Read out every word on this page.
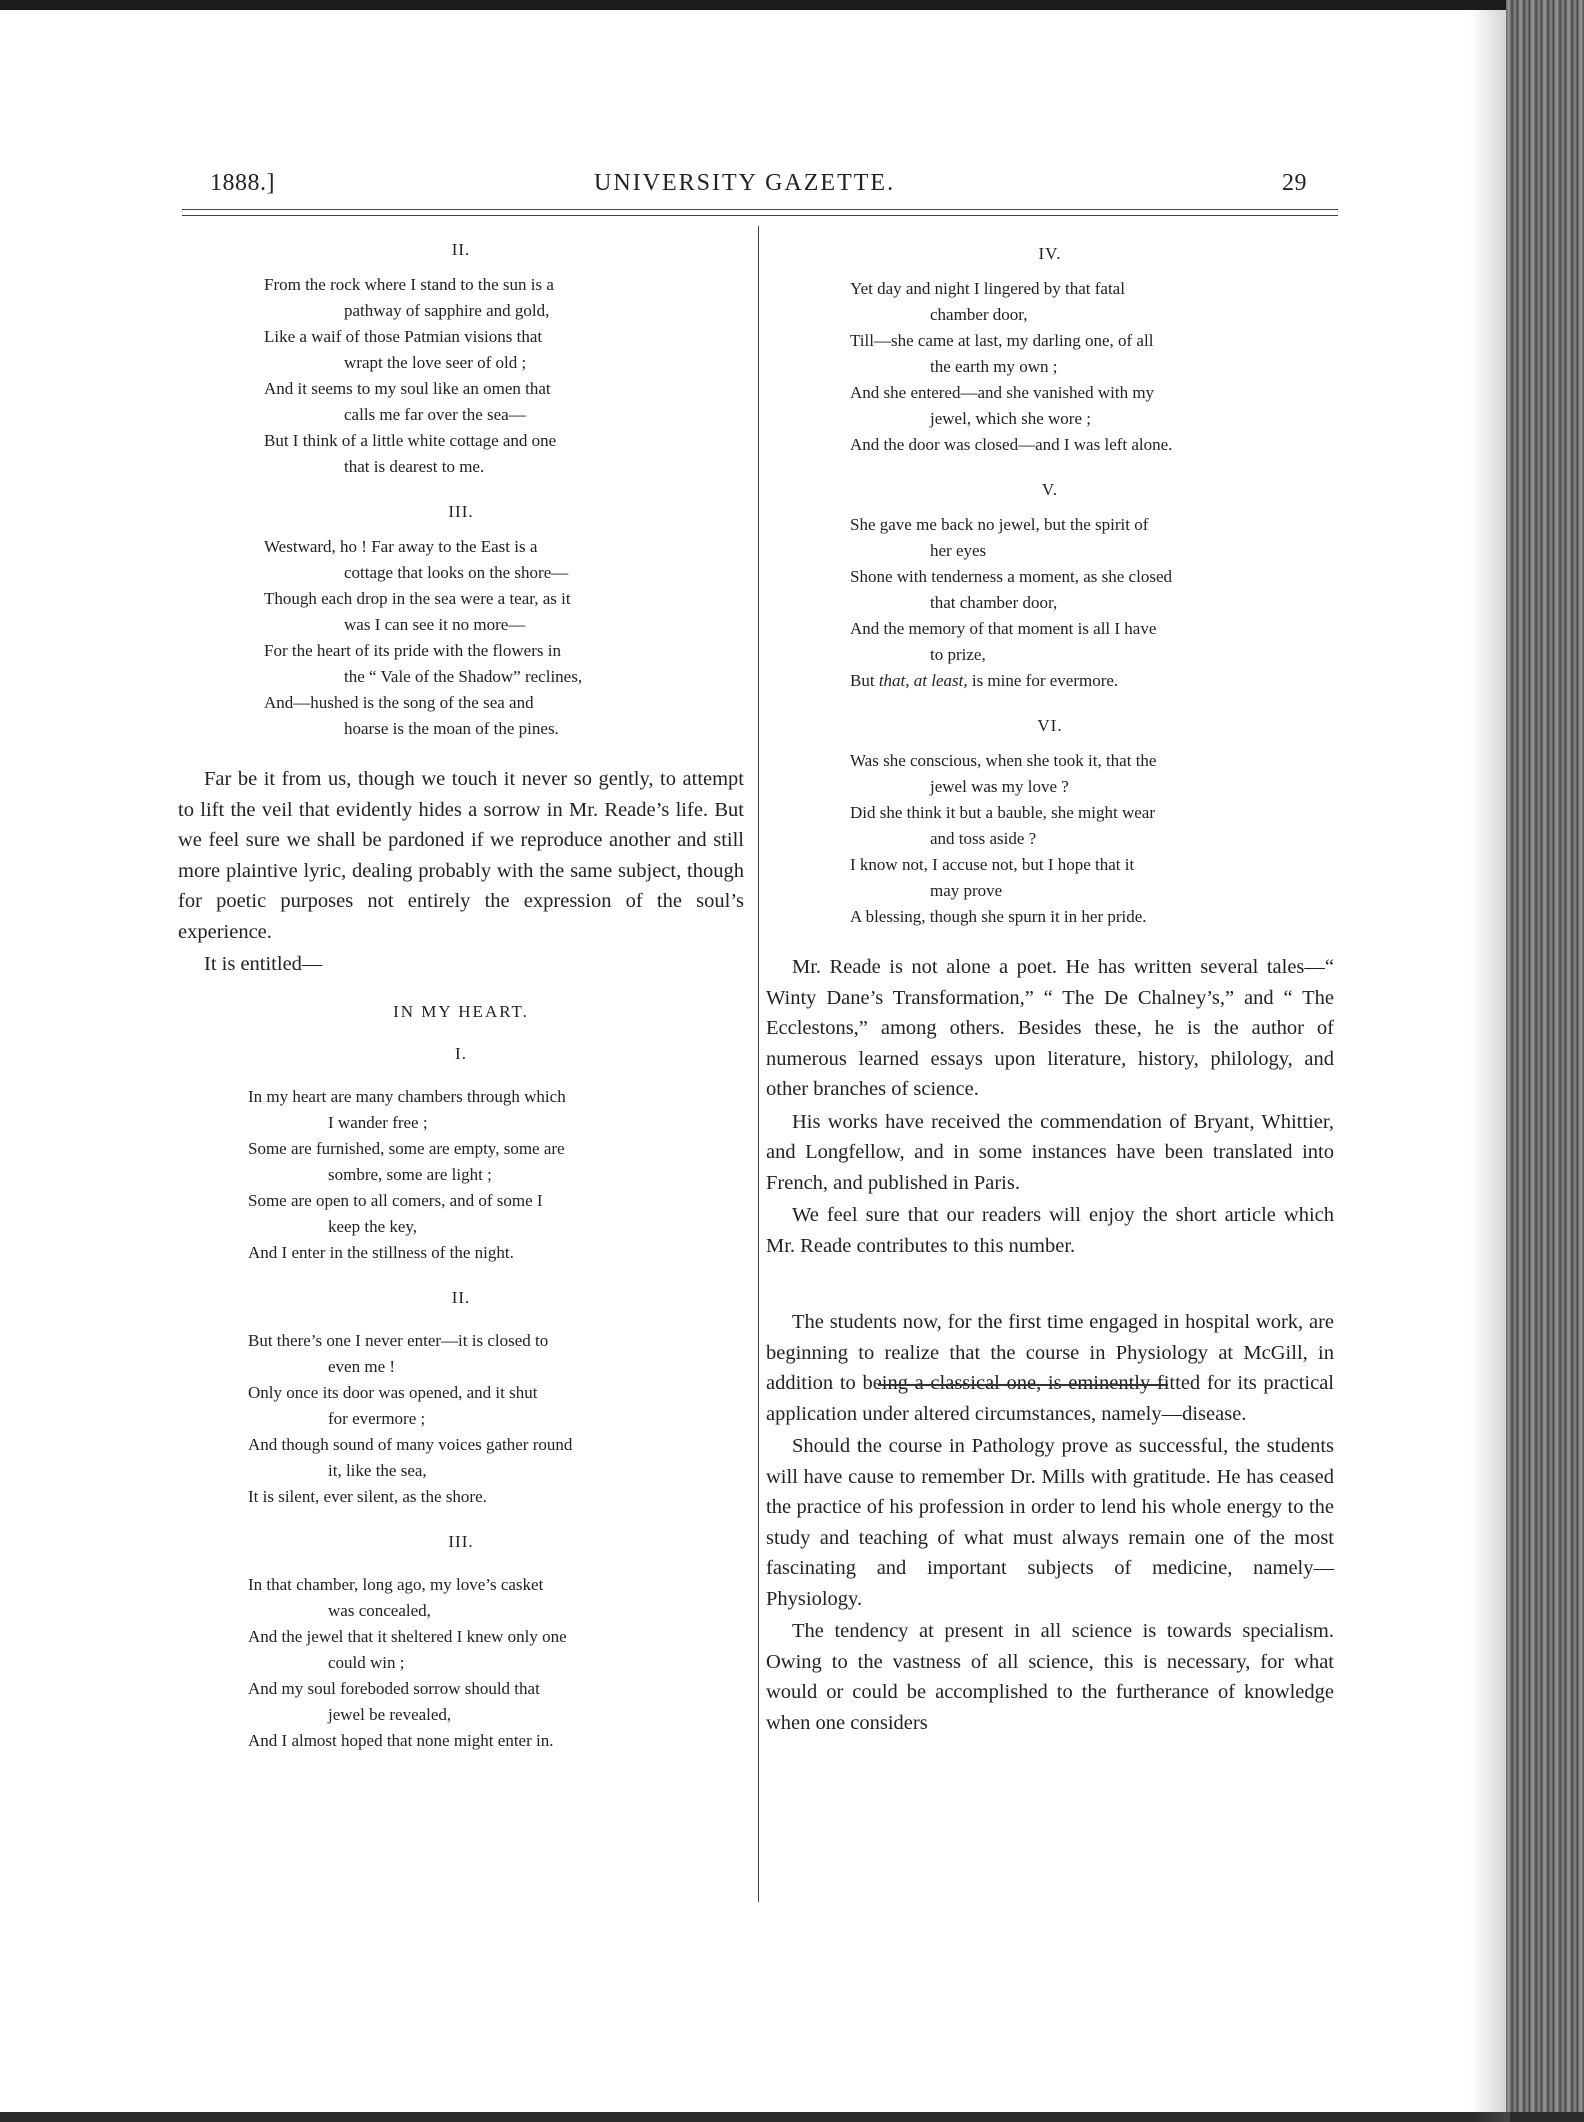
1888.]	UNIVERSITY GAZETTE.	29
II.
From the rock where I stand to the sun is a
pathway of sapphire and gold,
Like a waif of those Patmian visions that
wrapt the love seer of old ;
And it seems to my soul like an omen that
calls me far over the sea—
But I think of a little white cottage and one
that is dearest to me.
III.
Westward, ho ! Far away to the East is a
cottage that looks on the shore—
Though each drop in the sea were a tear, as it
was I can see it no more—
For the heart of its pride with the flowers in
the “ Vale of the Shadow” reclines,
And—hushed is the song of the sea and
hoarse is the moan of the pines.

Far be it from us, though we touch it never so gently, to attempt to lift the veil that evidently hides a sorrow in Mr. Reade’s life. But we feel sure we shall be pardoned if we reproduce another and still more plaintive lyric, dealing probably with the same subject, though for poetic purposes not entirely the expression of the soul’s experience.

It is entitled—

IN MY HEART.
I.
In my heart are many chambers through which
I wander free ;
Some are furnished, some are empty, some are
sombre, some are light ;
Some are open to all comers, and of some I
keep the key,
And I enter in the stillness of the night.
II.
But there’s one I never enter—it is closed to
even me !
Only once its door was opened, and it shut
for evermore ;
And though sound of many voices gather round
it, like the sea,
It is silent, ever silent, as the shore.
III.
In that chamber, long ago, my love’s casket
was concealed,
And the jewel that it sheltered I knew only one
could win ;
And my soul foreboded sorrow should that
jewel be revealed,
And I almost hoped that none might enter in.
IV.
Yet day and night I lingered by that fatal
chamber door,
Till—she came at last, my darling one, of all
the earth my own ;
And she entered—and she vanished with my
jewel, which she wore ;
And the door was closed—and I was left alone.
V.
She gave me back no jewel, but the spirit of
her eyes
Shone with tenderness a moment, as she closed
that chamber door,
And the memory of that moment is all I have
to prize,
But that, at least, is mine for evermore.
VI.
Was she conscious, when she took it, that the
jewel was my love ?
Did she think it but a bauble, she might wear
and toss aside ?
I know not, I accuse not, but I hope that it
may prove
A blessing, though she spurn it in her pride.

Mr. Reade is not alone a poet. He has written several tales—“ Winty Dane’s Transformation,” “ The De Chalney’s,” and “ The Ecclestons,” among others. Besides these, he is the author of numerous learned essays upon literature, history, philology, and other branches of science.

His works have received the commendation of Bryant, Whittier, and Longfellow, and in some instances have been translated into French, and published in Paris.

We feel sure that our readers will enjoy the short article which Mr. Reade contributes to this number.

The students now, for the first time engaged in hospital work, are beginning to realize that the course in Physiology at McGill, in addition to being a classical one, is eminently fitted for its practical application under altered circumstances, namely—disease.

Should the course in Pathology prove as successful, the students will have cause to remember Dr. Mills with gratitude. He has ceased the practice of his profession in order to lend his whole energy to the study and teaching of what must always remain one of the most fascinating and important subjects of medicine, namely—Physiology.

The tendency at present in all science is towards specialism. Owing to the vastness of all science, this is necessary, for what would or could be accomplished to the furtherance of knowledge when one considers
